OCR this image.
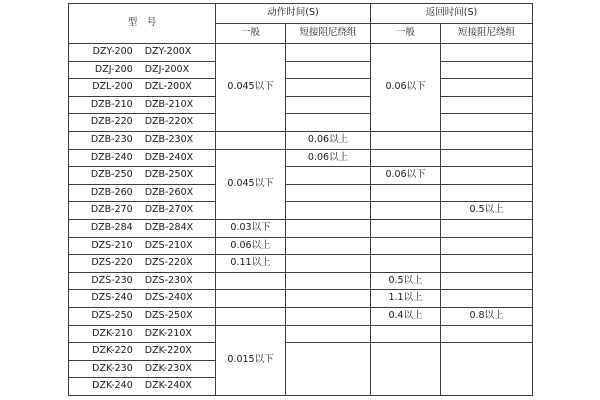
型　号	动作时间(S)		返回时间(S)	
	一般	短接阻尼绕组	一般	短接阻尼绕组
DZY-200 DZY-200X	0.045以下		0.06以下	
DZJ-200 DZJ-200X				
DZL-200 DZL-200X				
DZB-210 DZB-210X				
DZB-220 DZB-220X				
DZB-230 DZB-230X		0.06以上		
DZB-240 DZB-240X	0.045以下	0.06以上		
DZB-250 DZB-250X			0.06以下	
DZB-260 DZB-260X				
DZB-270 DZB-270X				0.5以上
DZB-284 DZB-284X	0.03以下			
DZS-210 DZS-210X	0.06以上			
DZS-220 DZS-220X	0.11以上			
DZS-230 DZS-230X			0.5以上	
DZS-240 DZS-240X			1.1以上	
DZS-250 DZS-250X			0.4以上	0.8以上
DZK-210 DZK-210X	0.015以下			
DZK-220 DZK-220X				
DZK-230 DZK-230X				
DZK-240 DZK-240X				
